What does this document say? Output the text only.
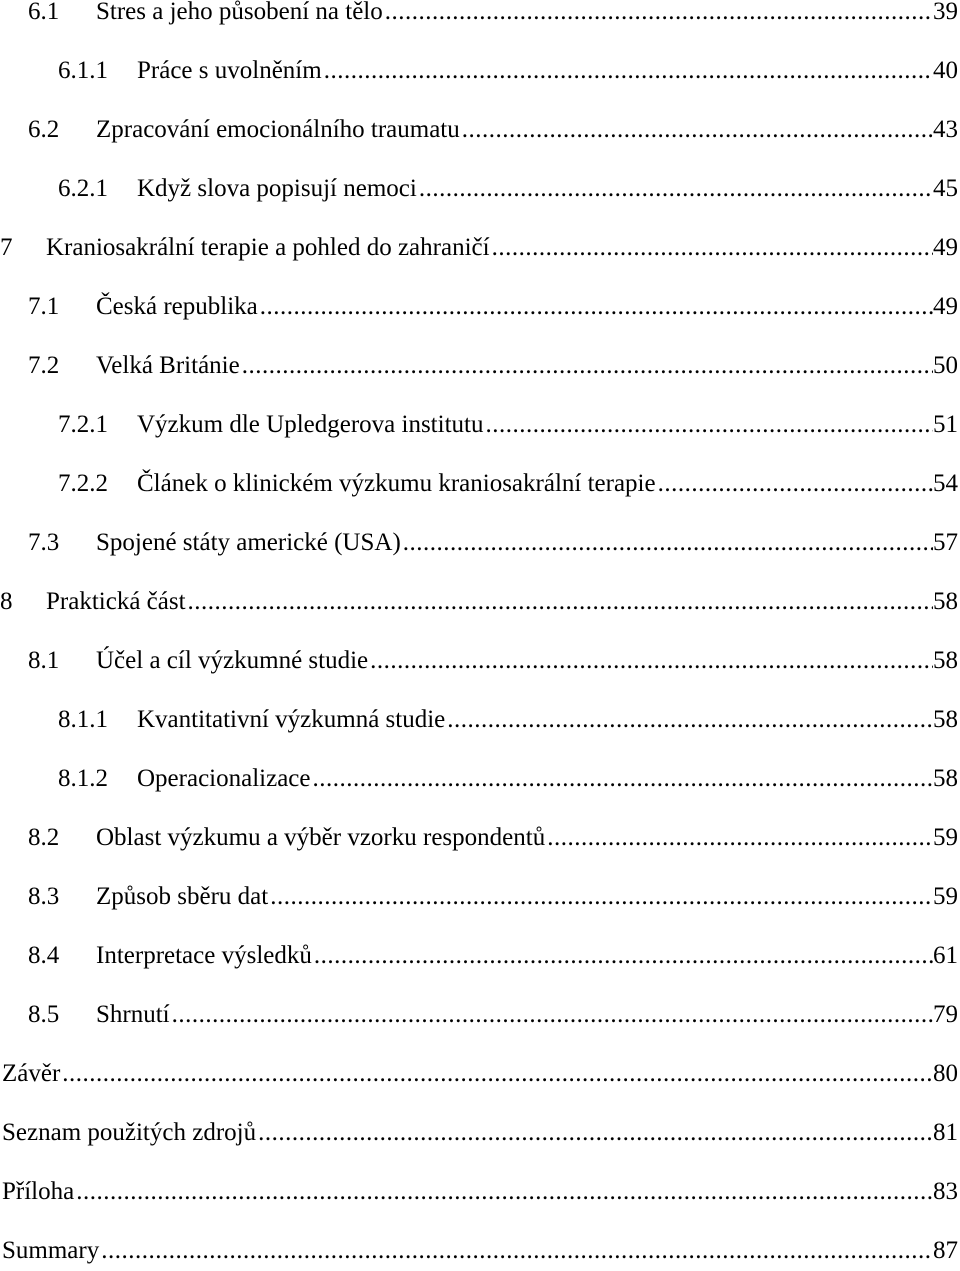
6.1 Stres a jeho působení na tělo .....	39
6.1.1 Práce s uvolněním .....	40
6.2 Zpracování emocionálního traumatu .....	43
6.2.1 Když slova popisují nemoci .....	45
7 Kraniosakrální terapie a pohled do zahraničí .....	49
7.1 Česká republika .....	49
7.2 Velká Británie .....	50
7.2.1 Výzkum dle Upledgerova institutu .....	51
7.2.2 Článek o klinickém výzkumu kraniosakrální terapie .....	54
7.3 Spojené státy americké (USA) .....	57
8 Praktická část .....	58
8.1 Účel a cíl výzkumné studie .....	58
8.1.1 Kvantitativní výzkumná studie .....	58
8.1.2 Operacionalizace .....	58
8.2 Oblast výzkumu a výběr vzorku respondentů .....	59
8.3 Způsob sběru dat .....	59
8.4 Interpretace výsledků .....	61
8.5 Shrnutí .....	79
Závěr .....	80
Seznam použitých zdrojů .....	81
Příloha .....	83
Summary .....	87
